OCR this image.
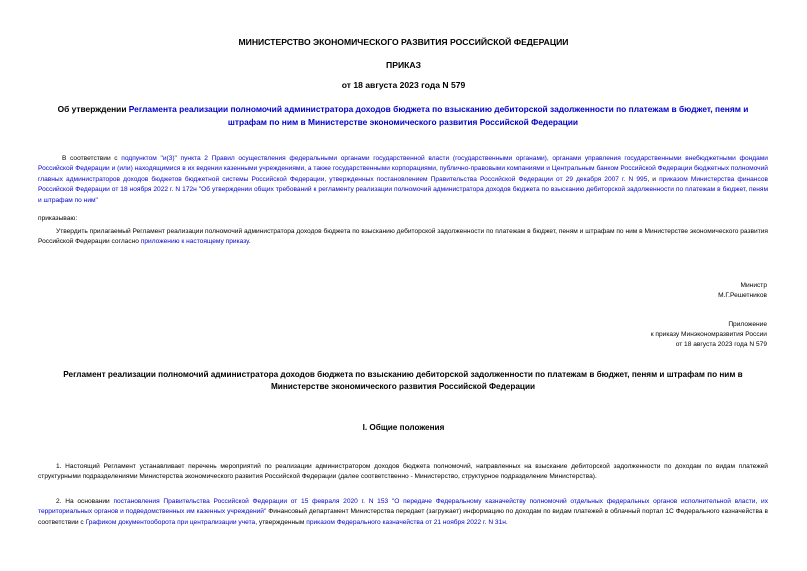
МИНИСТЕРСТВО ЭКОНОМИЧЕСКОГО РАЗВИТИЯ РОССИЙСКОЙ ФЕДЕРАЦИИ
ПРИКАЗ
от 18 августа 2023 года N 579
Об утверждении Регламента реализации полномочий администратора доходов бюджета по взысканию дебиторской задолженности по платежам в бюджет, пеням и штрафам по ним в Министерстве экономического развития Российской Федерации
В соответствии с подпунктом "и(3)" пункта 2 Правил осуществления федеральными органами государственной власти (государственными органами), органами управления государственными внебюджетными фондами Российской Федерации и (или) находящимися в их ведении казенными учреждениями, а также государственными корпорациями, публично-правовыми компаниями и Центральным банком Российской Федерации бюджетных полномочий главных администраторов доходов бюджетов бюджетной системы Российской Федерации, утвержденных постановлением Правительства Российской Федерации от 29 декабря 2007 г. N 995, и приказом Министерства финансов Российской Федерации от 18 ноября 2022 г. N 172н "Об утверждении общих требований к регламенту реализации полномочий администратора доходов бюджета по взысканию дебиторской задолженности по платежам в бюджет, пеням и штрафам по ним"
приказываю:
Утвердить прилагаемый Регламент реализации полномочий администратора доходов бюджета по взысканию дебиторской задолженности по платежам в бюджет, пеням и штрафам по ним в Министерстве экономического развития Российской Федерации согласно приложению к настоящему приказу.
Министр
М.Г.Решетников
Приложение
к приказу Минэкономразвития России
от 18 августа 2023 года N 579
Регламент реализации полномочий администратора доходов бюджета по взысканию дебиторской задолженности по платежам в бюджет, пеням и штрафам по ним в Министерстве экономического развития Российской Федерации
I. Общие положения
1. Настоящий Регламент устанавливает перечень мероприятий по реализации администратором доходов бюджета полномочий, направленных на взыскание дебиторской задолженности по доходам по видам платежей структурными подразделениями Министерства экономического развития Российской Федерации (далее соответственно - Министерство, структурное подразделение Министерства).
2. На основании постановления Правительства Российской Федерации от 15 февраля 2020 г. N 153 "О передаче Федеральному казначейству полномочий отдельных федеральных органов исполнительной власти, их территориальных органов и подведомственных им казенных учреждений" Финансовый департамент Министерства передает (загружает) информацию по доходам по видам платежей в облачный портал 1С Федерального казначейства в соответствии с Графиком документооборота при централизации учета, утвержденным приказом Федерального казначейства от 21 ноября 2022 г. N 31н.
